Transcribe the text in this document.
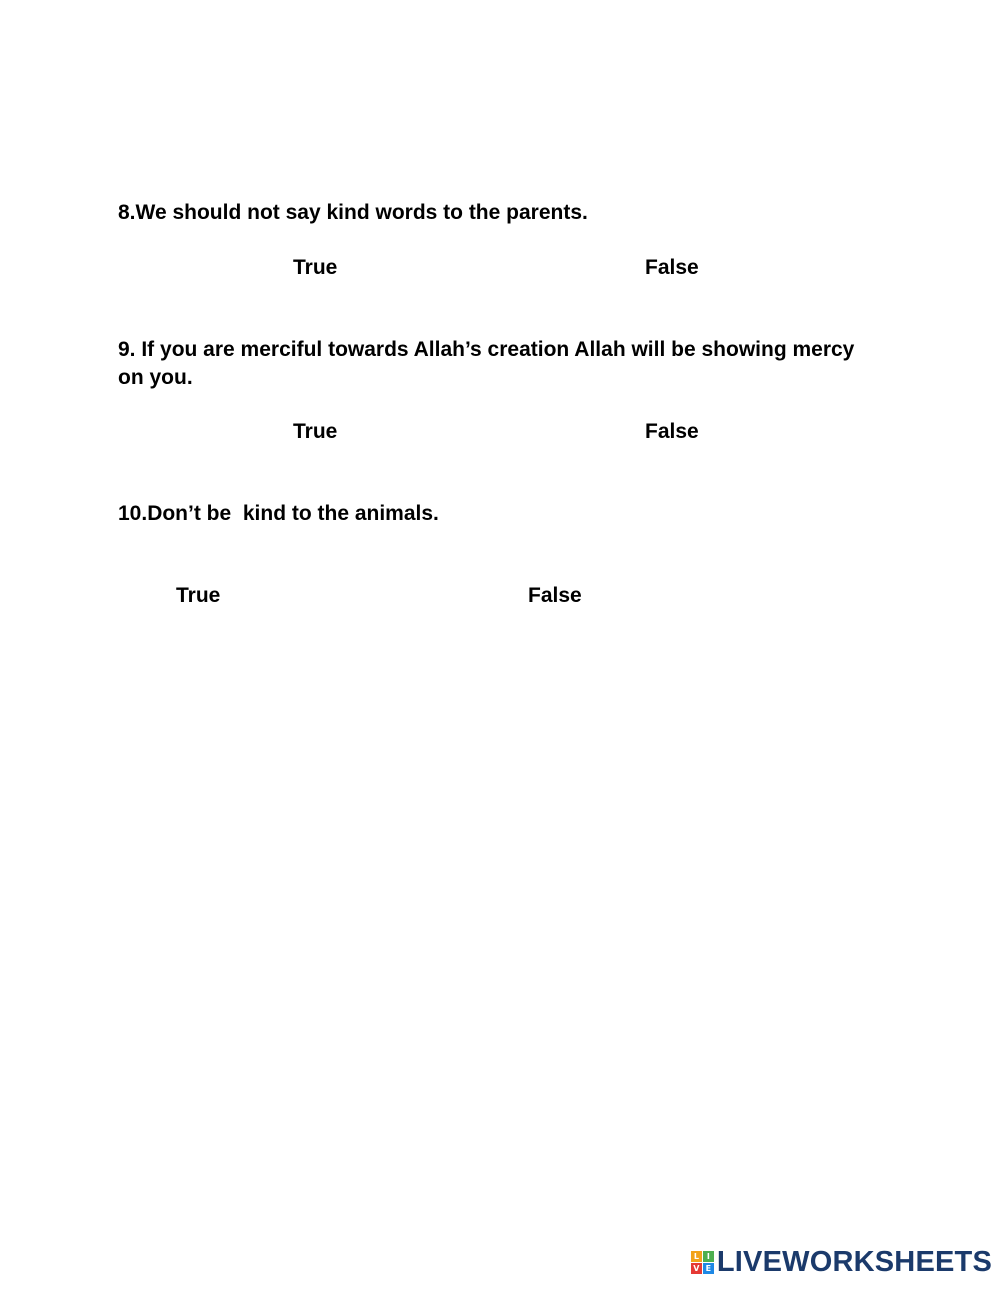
8.We should not say kind words to the parents.
True	False
9. If you are merciful towards Allah’s creation Allah will be showing mercy on you.
True	False
10.Don’t be  kind to the animals.
True	False
L I
V E LIVEWORKSHEETS
